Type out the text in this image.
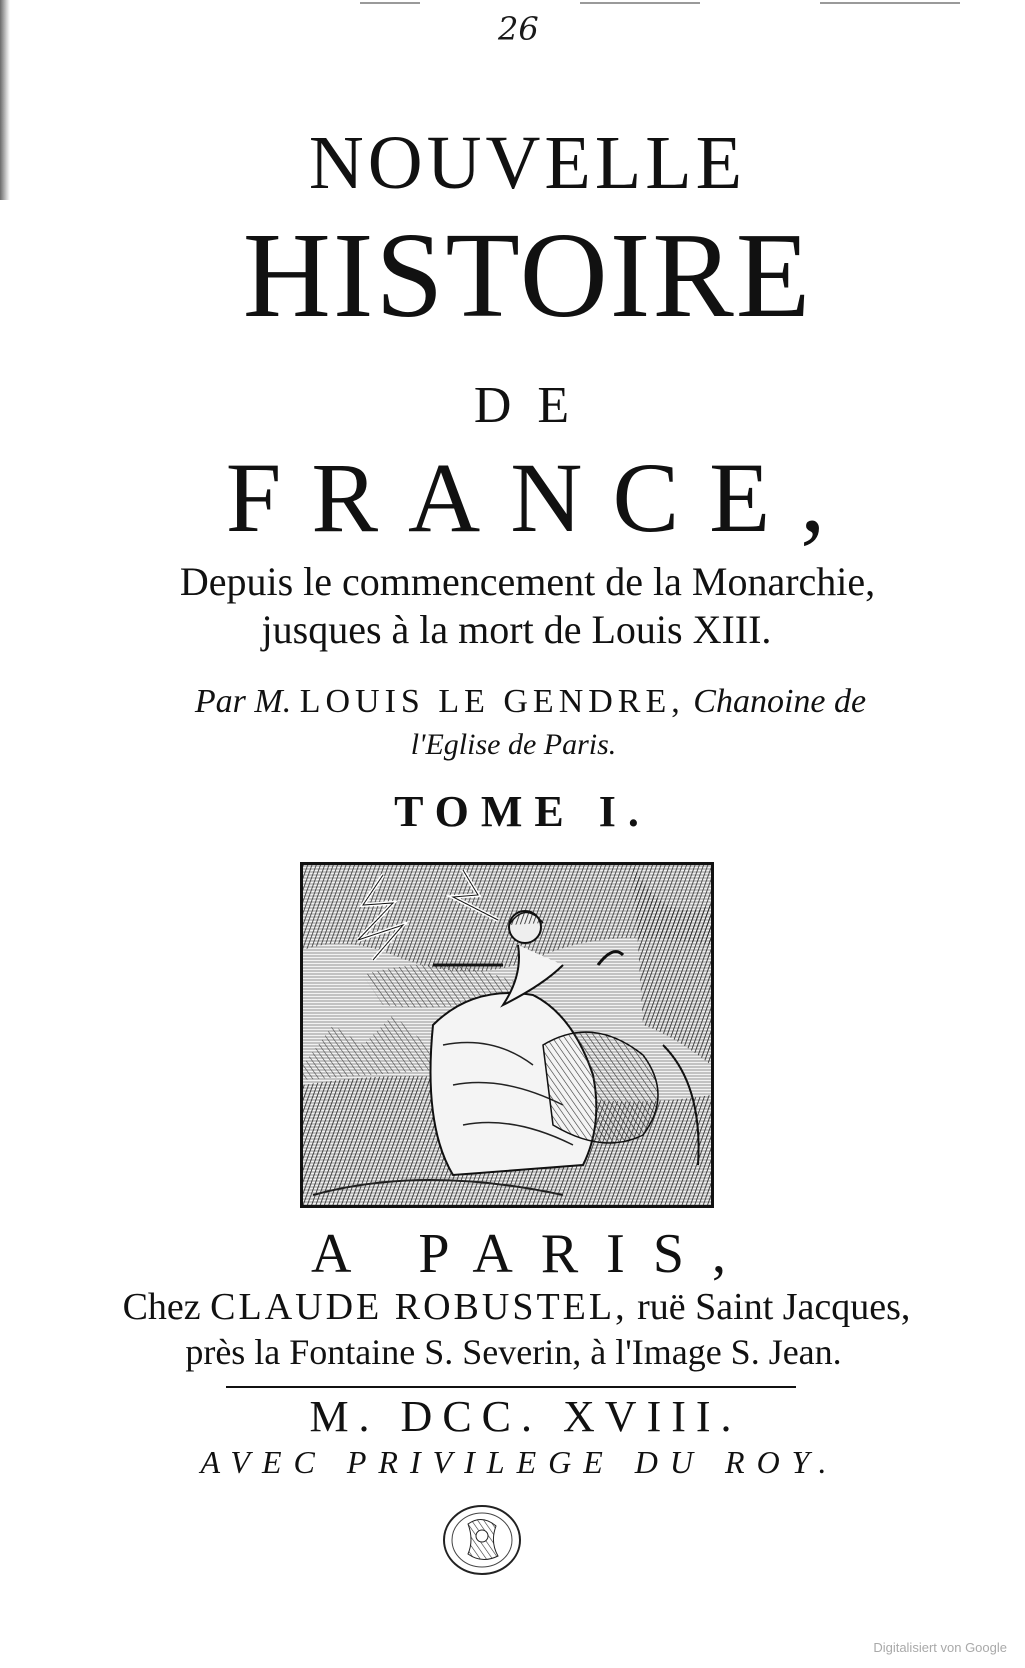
26
NOUVELLE
HISTOIRE
DE
FRANCE,
Depuis le commencement de la Monarchie,
jusques à la mort de Louis XIII.
Par M. LOUIS LE GENDRE, Chanoine de
l'Eglise de Paris.
TOME I.
A PARIS,
Chez CLAUDE ROBUSTEL, ruë Saint Jacques,
près la Fontaine S. Severin, à l'Image S. Jean.
M. DCC. XVIII.
AVEC PRIVILEGE DU ROY.
Digitalisiert von Google
